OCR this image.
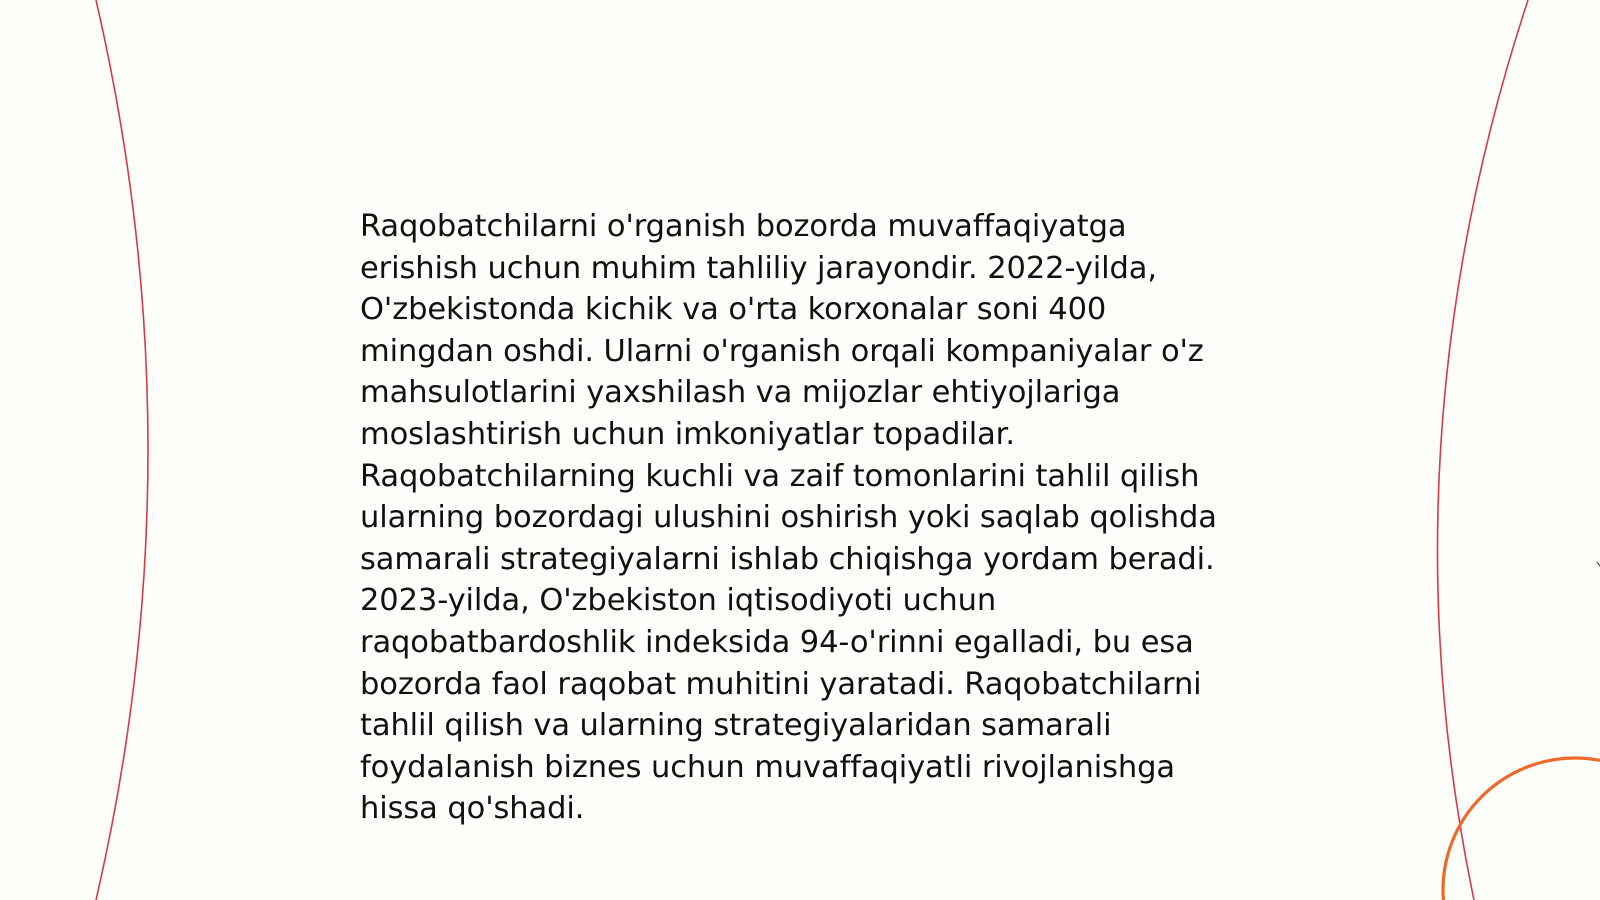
Raqobatchilarni o'rganish bozorda muvaffaqiyatga erishish uchun muhim tahliliy jarayondir. 2022-yilda, O'zbekistonda kichik va o'rta korxonalar soni 400 mingdan oshdi. Ularni o'rganish orqali kompaniyalar o'z mahsulotlarini yaxshilash va mijozlar ehtiyojlariga moslashtirish uchun imkoniyatlar topadilar. Raqobatchilarning kuchli va zaif tomonlarini tahlil qilish ularning bozordagi ulushini oshirish yoki saqlab qolishda samarali strategiyalarni ishlab chiqishga yordam beradi. 2023-yilda, O'zbekiston iqtisodiyoti uchun raqobatbardoshlik indeksida 94-o'rinni egalladi, bu esa bozorda faol raqobat muhitini yaratadi. Raqobatchilarni tahlil qilish va ularning strategiyalaridan samarali foydalanish biznes uchun muvaffaqiyatli rivojlanishga hissa qo'shadi.
